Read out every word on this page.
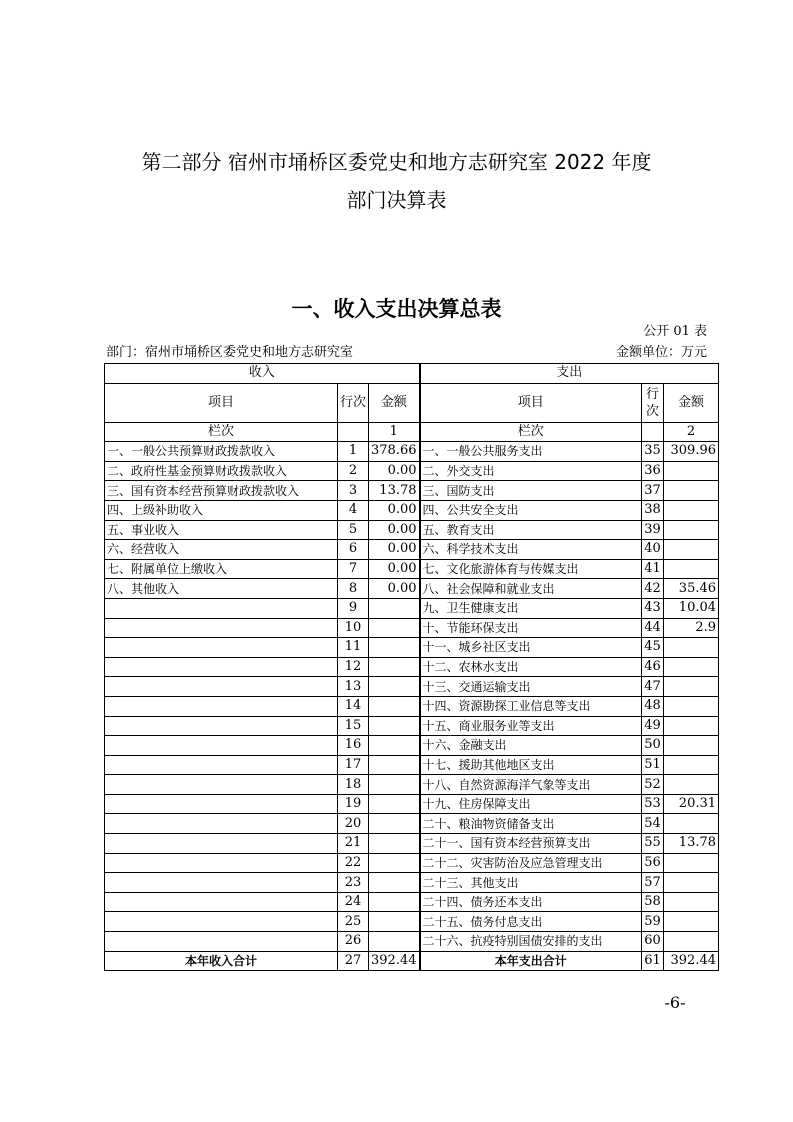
第二部分 宿州市埇桥区委党史和地方志研究室 2022 年度
部门决算表
一、收入支出决算总表
公开 01 表
部门：宿州市埇桥区委党史和地方志研究室	金额单位：万元
收入			支出		
项目	行次	金额	项目	行次	金额
栏次		1	栏次		2
一、一般公共预算财政拨款收入	1	378.66	一、一般公共服务支出	35	309.96
二、政府性基金预算财政拨款收入	2	0.00	二、外交支出	36	
三、国有资本经营预算财政拨款收入	3	13.78	三、国防支出	37	
四、上级补助收入	4	0.00	四、公共安全支出	38	
五、事业收入	5	0.00	五、教育支出	39	
六、经营收入	6	0.00	六、科学技术支出	40	
七、附属单位上缴收入	7	0.00	七、文化旅游体育与传媒支出	41	
八、其他收入	8	0.00	八、社会保障和就业支出	42	35.46
	9		九、卫生健康支出	43	10.04
	10		十、节能环保支出	44	2.9
	11		十一、城乡社区支出	45	
	12		十二、农林水支出	46	
	13		十三、交通运输支出	47	
	14		十四、资源勘探工业信息等支出	48	
	15		十五、商业服务业等支出	49	
	16		十六、金融支出	50	
	17		十七、援助其他地区支出	51	
	18		十八、自然资源海洋气象等支出	52	
	19		十九、住房保障支出	53	20.31
	20		二十、粮油物资储备支出	54	
	21		二十一、国有资本经营预算支出	55	13.78
	22		二十二、灾害防治及应急管理支出	56	
	23		二十三、其他支出	57	
	24		二十四、债务还本支出	58	
	25		二十五、债务付息支出	59	
	26		二十六、抗疫特别国债安排的支出	60	
本年收入合计	27	392.44	本年支出合计	61	392.44
-6-
